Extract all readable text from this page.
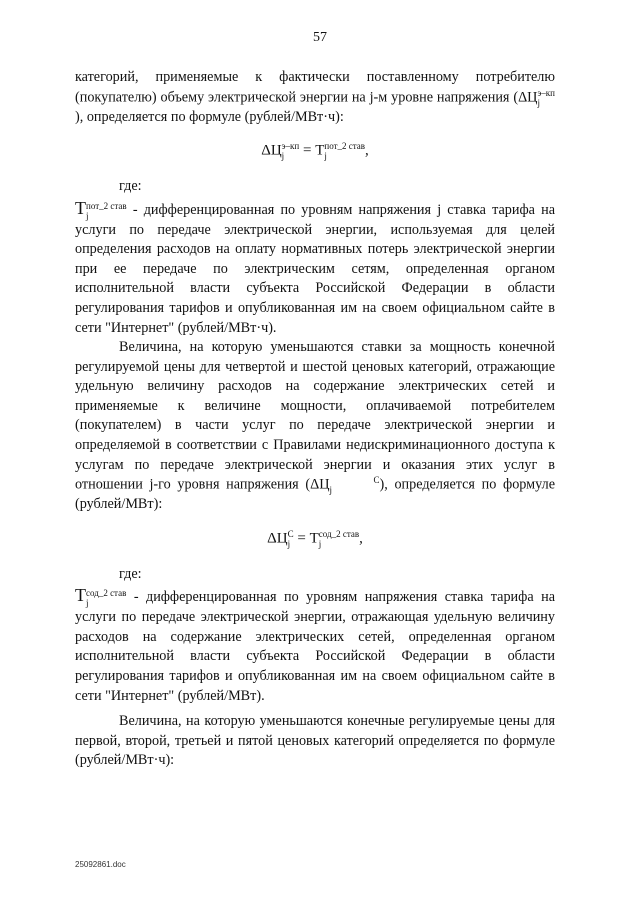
57

категорий, применяемые к фактически поставленному потребителю (покупателю) объему электрической энергии на j-м уровне напряжения (ΔЦэ–кп
j), определяется по формуле (рублей/МВт·ч):

ΔЦэ–кп
j = Tпот_2 став
j	,
где:

Tпот_2 став
j	- дифференцированная по уровням напряжения j ставка тарифа на услуги по передаче электрической энергии, используемая для целей определения расходов на оплату нормативных потерь электрической энергии при ее передаче по электрическим сетям, определенная органом исполнительной власти субъекта Российской Федерации в области регулирования тарифов и опубликованная им на своем официальном сайте в сети "Интернет" (рублей/МВт·ч).

Величина, на которую уменьшаются ставки за мощность конечной регулируемой цены для четвертой и шестой ценовых категорий, отражающие удельную величину расходов на содержание электрических сетей и применяемые к величине мощности, оплачиваемой потребителем (покупателем) в части услуг по передаче электрической энергии и определяемой в соответствии с Правилами недискриминационного доступа к услугам по передаче электрической энергии и оказания этих услуг в отношении j-го уровня напряжения (ΔЦ	С
j	), определяется по формуле (рублей/МВт):

ΔЦС
j = Tсод_2 став
j	,
где:

Tсод_2 став
j	- дифференцированная по уровням напряжения ставка тарифа на услуги по передаче электрической энергии, отражающая удельную величину расходов на содержание электрических сетей, определенная органом исполнительной власти субъекта Российской Федерации в области регулирования тарифов и опубликованная им на своем официальном сайте в сети "Интернет" (рублей/МВт).

Величина, на которую уменьшаются конечные регулируемые цены для первой, второй, третьей и пятой ценовых категорий определяется по формуле (рублей/МВт·ч):

25092861.doc
